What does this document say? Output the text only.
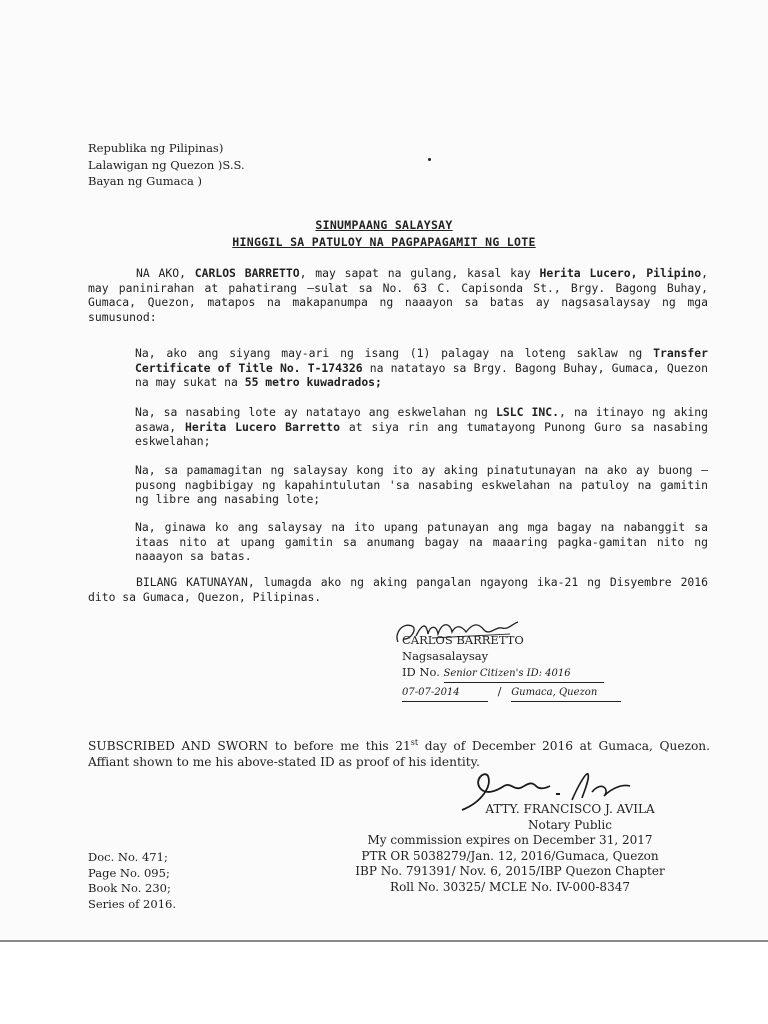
Republika ng Pilipinas)
Lalawigan ng Quezon )S.S.
Bayan ng Gumaca )
SINUMPAANG SALAYSAY
HINGGIL SA PATULOY NA PAGPAPAGAMIT NG LOTE
NA AKO, CARLOS BARRETTO, may sapat na gulang, kasal kay Herita Lucero, Pilipino, may paninirahan at pahatirang –sulat sa No. 63 C. Capisonda St., Brgy. Bagong Buhay, Gumaca, Quezon, matapos na makapanumpa ng naaayon sa batas ay nagsasalaysay ng mga sumusunod:
Na, ako ang siyang may-ari ng isang (1) palagay na loteng saklaw ng Transfer Certificate of Title No. T-174326 na natatayo sa Brgy. Bagong Buhay, Gumaca, Quezon na may sukat na 55 metro kuwadrados;
Na, sa nasabing lote ay natatayo ang eskwelahan ng LSLC INC., na itinayo ng aking asawa, Herita Lucero Barretto at siya rin ang tumatayong Punong Guro sa nasabing eskwelahan;
Na, sa pamamagitan ng salaysay kong ito ay aking pinatutunayan na ako ay buong –pusong nagbibigay ng kapahintulutan 'sa nasabing eskwelahan na patuloy na gamitin ng libre ang nasabing lote;
Na, ginawa ko ang salaysay na ito upang patunayan ang mga bagay na nabanggit sa itaas nito at upang gamitin sa anumang bagay na maaaring pagka-gamitan nito ng naaayon sa batas.
BILANG KATUNAYAN, lumagda ako ng aking pangalan ngayong ika-21 ng Disyembre 2016 dito sa Gumaca, Quezon, Pilipinas.
CARLOS BARRETTO
Nagsasalaysay
ID No. Senior Citizen's ID: 4016
07-07-2014	/ Gumaca, Quezon
SUBSCRIBED AND SWORN to before me this 21st day of December 2016 at Gumaca, Quezon. Affiant shown to me his above-stated ID as proof of his identity.
ATTY. FRANCISCO J. AVILA
Notary Public
My commission expires on December 31, 2017
PTR OR 5038279/Jan. 12, 2016/Gumaca, Quezon
IBP No. 791391/ Nov. 6, 2015/IBP Quezon Chapter
Roll No. 30325/ MCLE No. IV-000-8347
Doc. No. 471;
Page No. 095;
Book No. 230;
Series of 2016.
